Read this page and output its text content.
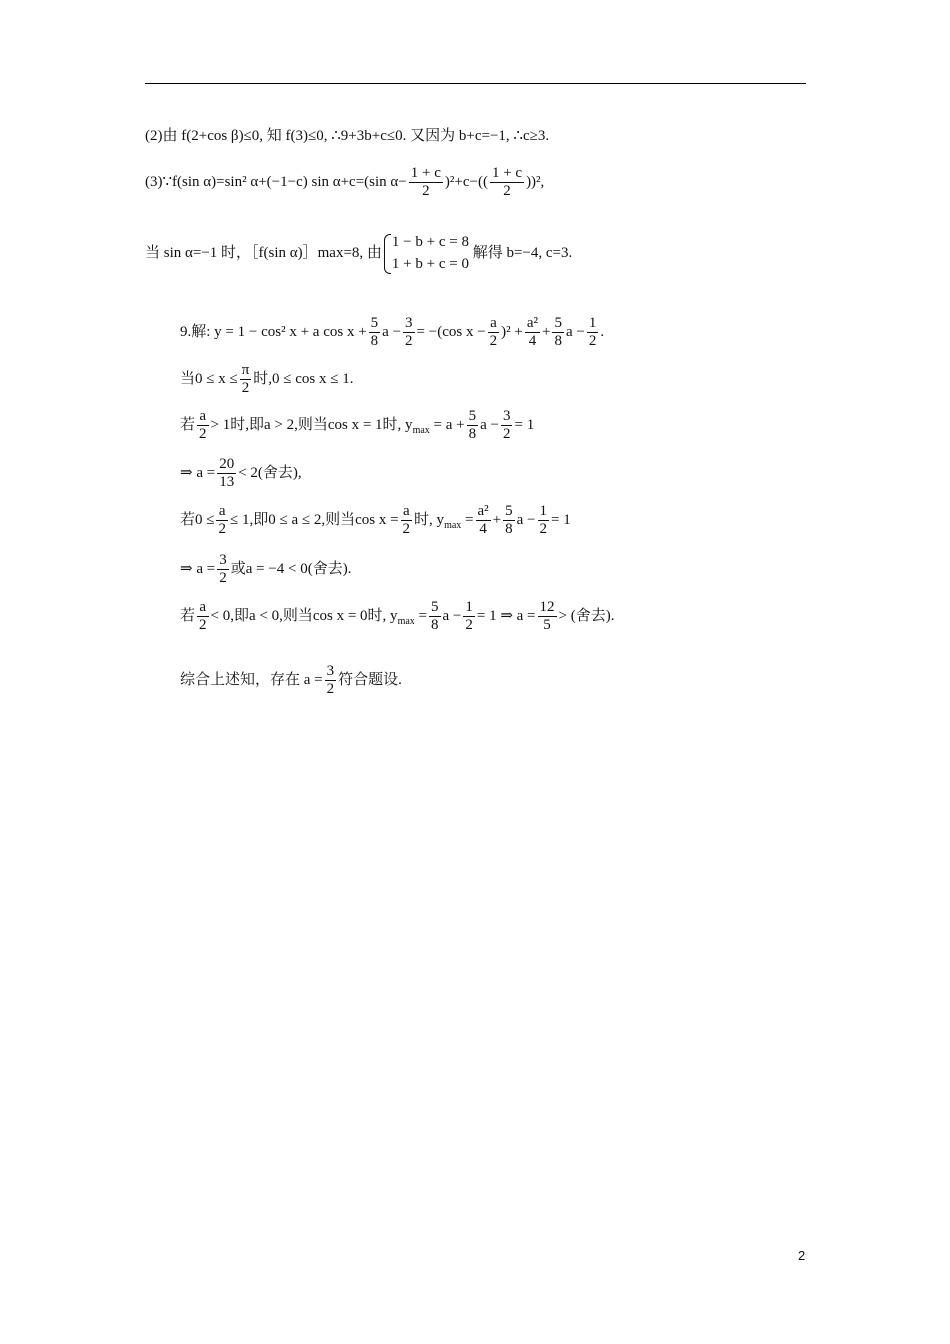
(2)由 f(2+cos β)≤0, 知 f(3)≤0, ∴9+3b+c≤0. 又因为 b+c=−1, ∴c≥3.
(3)∵f(sin α)=sin² α+(−1−c) sin α+c=(sin $\alpha- \frac{1 + c}{2} )^2+c-(( \frac{1 + c}{2} ))^2$,
当 sin α=−1 时，［f(sin α)］max=8, 由
1 − b + c = 8
1 + b + c = 0
解得 b=−4, c=3.
9.解: y = 1 − cos² x + a $\cos x + \frac{5}{8}$ $a - \frac{3}{2} = -(\cos$ $x - \frac{a}{2} )^2 + \frac{\text{a²}}{4} + \frac{5}{8}$ $a - \frac{1}{2}$ .
当$0 \le x \le \frac{\pi}{2}$ 时,0 ≤ cos x ≤ 1.
若 $\frac{a}{2} > 1$时,即a > 2,则当cos x = 1时, $y_{max} = a + \frac{5}{8}$ $a - \frac{3}{2} = 1$
⇒ $a = \frac{20}{13} < 2$(舍去),
若$0 \le \frac{a}{2} \le 1$,即0 ≤ a ≤ 2,则当$\cos x = \frac{a}{2}$ 时, $y_{max} = \frac{\text{a²}}{4} + \frac{5}{8}$ $a - \frac{1}{2} = 1$
⇒ $a = \frac{3}{2}$ 或a = −4 < 0(舍去).
若 $\frac{a}{2} < 0$,即a < 0,则当cos x = 0时, $y_{max} = \frac{5}{8}$ $a - \frac{1}{2} = 1$ ⇒ $a = \frac{12}{5}$ > (舍去).
综合上述知，存在 $a = \frac{3}{2}$ 符合题设.
2
